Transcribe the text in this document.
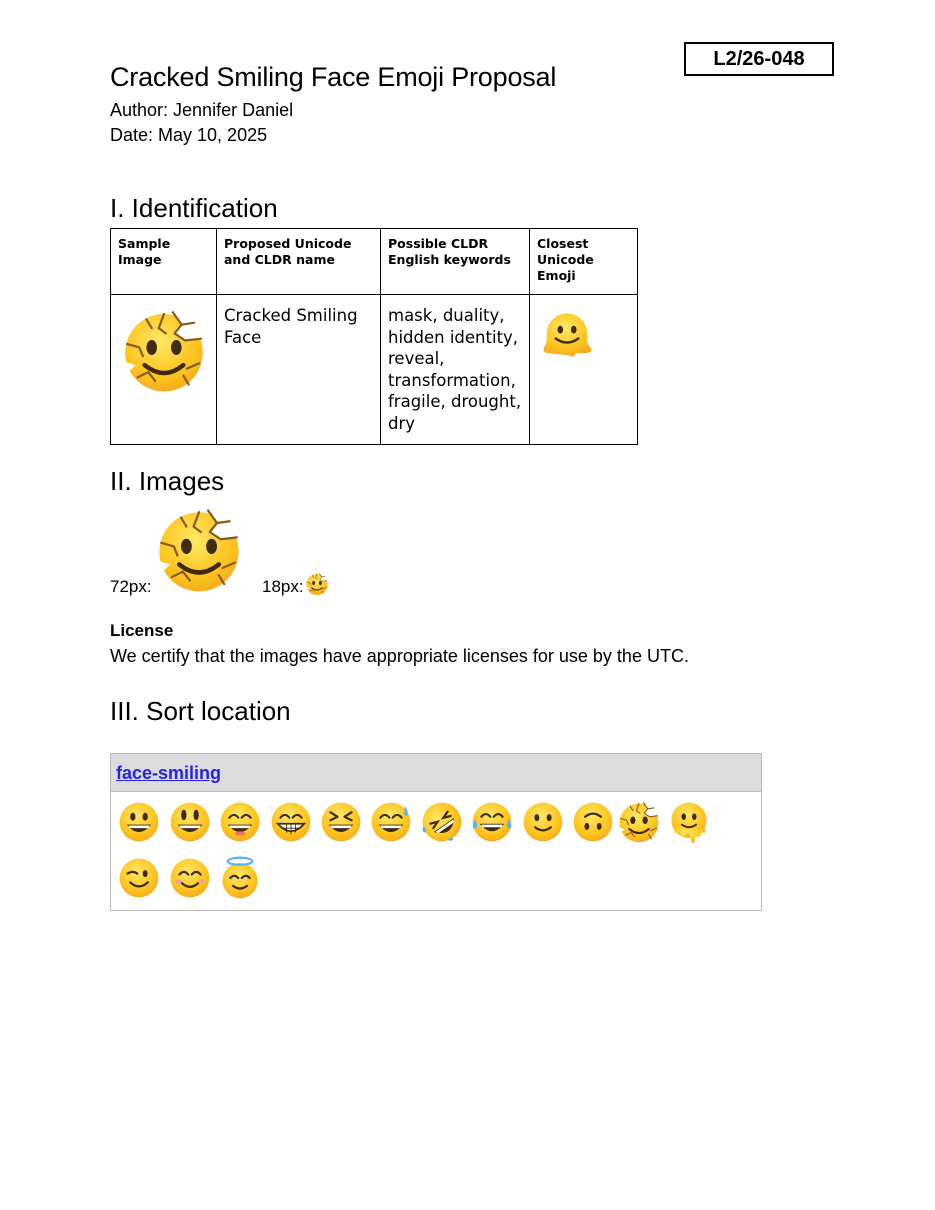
L2/26-048
Cracked Smiling Face Emoji Proposal
Author: Jennifer Daniel
Date: May 10, 2025
I. Identification
Sample Image	Proposed Unicode and CLDR name	Possible CLDR English keywords	Closest Unicode Emoji

	Cracked Smiling Face	mask, duality, hidden identity, reveal, transformation, fragile, drought, dry	
II. Images
72px:	18px:
License
We certify that the images have appropriate licenses for use by the UTC.
III. Sort location
face-smiling
